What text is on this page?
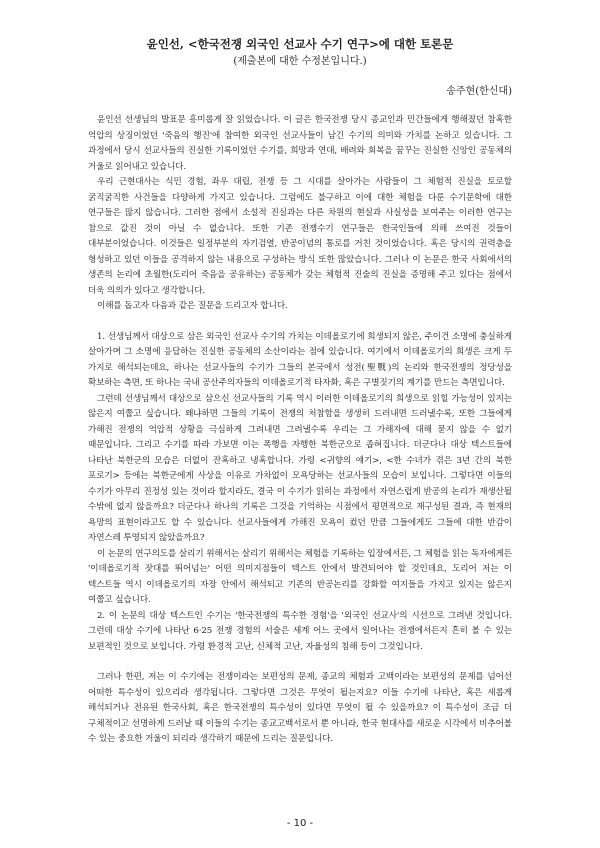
윤인선, <한국전쟁 외국인 선교사 수기 연구>에 대한 토론문

(제출본에 대한 수정본입니다.)

송주현(한신대)

윤인선 선생님의 발표문 흥미롭게 잘 읽었습니다. 이 글은 한국전쟁 당시 종교인과 민간들에게 행해졌던 참혹한 억압의 상징이었던 '죽음의 행진'에 참여한 외국인 선교사들이 남긴 수기의 의미와 가치를 논하고 있습니다. 그 과정에서 당시 선교사들의 진실한 기록이었던 수기를, 희망과 연대, 배려와 회복을 꿈꾸는 진실한 신앙인 공동체의 거울로 읽어내고 있습니다.

우리 근현대사는 식민 경험, 좌우 대립, 전쟁 등 그 시대를 살아가는 사람들이 그 체험적 진실을 토로할 굵직굵직한 사건들을 다양하게 가지고 있습니다. 그럼에도 불구하고 이에 대한 체험을 다룬 수기문학에 대한 연구들은 많지 않습니다. 그러한 점에서 소설적 진실과는 다른 차원의 현실과 사실성을 보여주는 이러한 연구는 참으로 값진 것이 아닐 수 없습니다. 또한 기존 전쟁수기 연구들은 한국인들에 의해 쓰여진 것들이 대부분이었습니다. 이것들은 일정부분의 자기검열, 반공이념의 통로를 거친 것이었습니다. 혹은 당시의 권력층을 형성하고 있던 이들을 공격하지 않는 내용으로 구성하는 방식 또한 많았습니다. 그러나 이 논문은 한국 사회에서의 생존의 논리에 초월한(도리어 죽음을 공유하는) 공동체가 갖는 체험적 진술의 진실을 증명해 주고 있다는 점에서 더욱 의의가 있다고 생각합니다.

이해를 돕고자 다음과 같은 질문을 드리고자 합니다.

1. 선생님께서 대상으로 삼은 외국인 선교사 수기의 가치는 이데올로기에 희생되지 않은, 주이건 소명에 충실하게 살아가며 그 소명에 응답하는 진실한 공동체의 소산이라는 점에 있습니다. 여기에서 이데올로기의 희생은 크게 두 가지로 해석되는데요, 하나는 선교사들의 수기가 그들의 본국에서 성전(聖戰)의 논리와 한국전쟁의 정당성을 확보하는 측면, 또 하나는 국내 공산주의자들의 이데올로기적 타자화, 혹은 구별짓기의 계기를 만드는 측면입니다.

그런데 선생님께서 대상으로 삼으신 선교사들의 기록 역시 이러한 이데올로기의 희생으로 읽힐 가능성이 있지는 않은지 여쭙고 싶습니다. 왜냐하면 그들의 기록이 전쟁의 처참함을 생생히 드러내면 드러낼수록, 또한 그들에게 가해진 전쟁의 억압적 상황을 극심하게 그려내면 그려낼수록 우리는 그 가해자에 대해 묻지 않을 수 없기 때문입니다. 그리고 수기를 따라 가보면 이는 폭행을 자행한 북한군으로 좁혀집니다. 더군다나 대상 텍스트들에 나타난 북한군의 모습은 더없이 잔혹하고 냉혹합니다. 가령 <귀향의 얘기>, <한 수녀가 겪은 3년 간의 북한 포로기> 등에는 북한군에게 사상을 이유로 가차없이 모욕당하는 선교사들의 모습이 보입니다. 그렇다면 이들의 수기가 아무리 진정성 있는 것이라 할지라도, 결국 이 수기가 읽히는 과정에서 자연스럽게 반공의 논리가 재생산될 수밖에 없지 않을까요? 더군다나 하나의 기록은 그것을 기억하는 시점에서 평면적으로 재구성된 결과, 즉 현재의 욕망의 표현이라고도 할 수 있습니다. 선교사들에게 가해진 모욕이 컸던 만큼 그들에게도 그들에 대한 반감이 자연스레 투영되지 않았을까요?

이 논문의 연구의도를 살리기 위해서는 살리기 위해서는 체험을 기록하는 입장에서든, 그 체험을 읽는 독자에게든 '이데올로기적 잣대를 뛰어넘는' 어떤 의미지점들이 텍스트 안에서 발견되어야 할 것인데요, 도리어 저는 이 텍스트들 역시 이데올로기의 자장 안에서 해석되고 기존의 반공논리를 강화할 여지들을 가지고 있지는 않은지 여쭙고 싶습니다.

2. 이 논문의 대상 텍스트인 수기는 '한국전쟁의 특수한 경험'을 '외국인 선교사'의 시선으로 그려낸 것입니다. 그런데 대상 수기에 나타난 6·25 전쟁 경험의 서술은 세계 어느 곳에서 일어나는 전쟁에서든지 흔히 볼 수 있는 보편적인 것으로 보입니다. 가령 환경적 고난, 신체적 고난, 자율성의 침해 등이 그것입니다.

그러나 한편, 저는 이 수기에는 전쟁이라는 보편성의 문제, 종교의 체험과 고백이라는 보편성의 문제를 넘어선 어떠한 특수성이 있으리라 생각됩니다. 그렇다면 그것은 무엇이 될는지요? 이들 수기에 나타난, 혹은 새롭게 해석되거나 전유된 한국사회, 혹은 한국전쟁의 특수성이 있다면 무엇이 될 수 있을까요? 이 특수성이 조금 더 구체적이고 선명하게 드러날 때 이들의 수기는 종교고백서로서 뿐 아니라, 한국 현대사를 새로운 시각에서 비추어볼 수 있는 중요한 거울이 되리라 생각하기 때문에 드리는 질문입니다.

- 10 -
